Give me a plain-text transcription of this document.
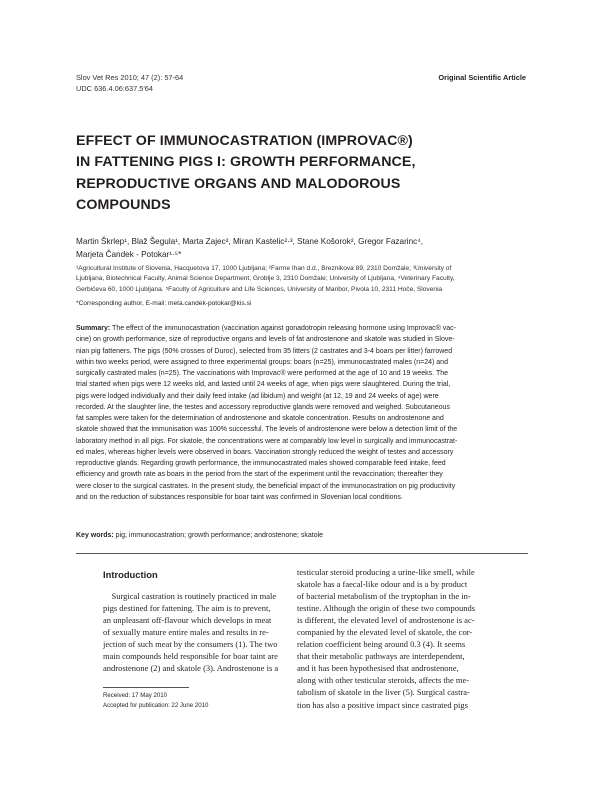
Slov Vet Res 2010; 47 (2): 57-64
UDC 636.4.06:637.5'64
Original Scientific Article
EFFECT OF IMMUNOCASTRATION (IMPROVAC®)
IN FATTENING PIGS I: GROWTH PERFORMANCE,
REPRODUCTIVE ORGANS AND MALODOROUS
COMPOUNDS
Martin Škrlep¹, Blaž Šegula¹, Marta Zajec², Miran Kastelic²·³, Stane Košorok², Gregor Fazarinc⁴,
Marjeta Čandek - Potokar¹·⁵*
¹Agricultural Institute of Slovenia, Hacquetova 17, 1000 Ljubljana; ²Farme Ihan d.d., Breznikova 89, 2310 Domžale; ³University of
Ljubljana, Biotechnical Faculty, Animal Science Department, Groblje 3, 2310 Domžale; University of Ljubljana, ⁴Veterinary Faculty,
Gerbičeva 60, 1000 Ljubljana. ⁵Faculty of Agriculture and Life Sciences, University of Maribor, Pivola 10, 2311 Hoče, Slovenia
*Corresponding author, E-mail: meta.candek-potokar@kis.si
Summary: The effect of the immunocastration (vaccination against gonadotropin releasing hormone using Improvac® vac-
cine) on growth performance, size of reproductive organs and levels of fat androstenone and skatole was studied in Slove-
nian pig fatteners. The pigs (50% crosses of Duroc), selected from 35 litters (2 castrates and 3-4 boars per litter) farrowed
within two weeks period, were assigned to three experimental groups: boars (n=25), immunocastrated males (n=24) and
surgically castrated males (n=25). The vaccinations with Improvac® were performed at the age of 10 and 19 weeks. The
trial started when pigs were 12 weeks old, and lasted until 24 weeks of age, when pigs were slaughtered. During the trial,
pigs were lodged individually and their daily feed intake (ad libidum) and weight (at 12, 19 and 24 weeks of age) were
recorded. At the slaughter line, the testes and accessory reproductive glands were removed and weighed. Subcutaneous
fat samples were taken for the determination of androstenone and skatole concentration. Results on androstenone and
skatole showed that the immunisation was 100% successful. The levels of androstenone were below a detection limit of the
laboratory method in all pigs. For skatole, the concentrations were at comparably low level in surgically and immunocastrat-
ed males, whereas higher levels were observed in boars. Vaccination strongly reduced the weight of testes and accessory
reproductive glands. Regarding growth performance, the immunocastrated males showed comparable feed intake, feed
efficiency and growth rate as boars in the period from the start of the experiment until the revaccination; thereafter they
were closer to the surgical castrates. In the present study, the beneficial impact of the immunocastration on pig productivity
and on the reduction of substances responsible for boar taint was confirmed in Slovenian local conditions.
Key words: pig; immunocastration; growth performance; androstenone; skatole
Introduction
Surgical castration is routinely practiced in male
pigs destined for fattening. The aim is to prevent,
an unpleasant off-flavour which develops in meat
of sexually mature entire males and results in re-
jection of such meat by the consumers (1). The two
main compounds held responsible for boar taint are
androstenone (2) and skatole (3). Androstenone is a
testicular steroid producing a urine-like smell, while
skatole has a faecal-like odour and is a by product
of bacterial metabolism of the tryptophan in the in-
testine. Although the origin of these two compounds
is different, the elevated level of androstenone is ac-
companied by the elevated level of skatole, the cor-
relation coefficient being around 0.3 (4). It seems
that their metabolic pathways are interdependent,
and it has been hypothesised that androstenone,
along with other testicular steroids, affects the me-
tabolism of skatole in the liver (5). Surgical castra-
tion has also a positive impact since castrated pigs
Received: 17 May 2010
Accepted for publication: 22 June 2010
